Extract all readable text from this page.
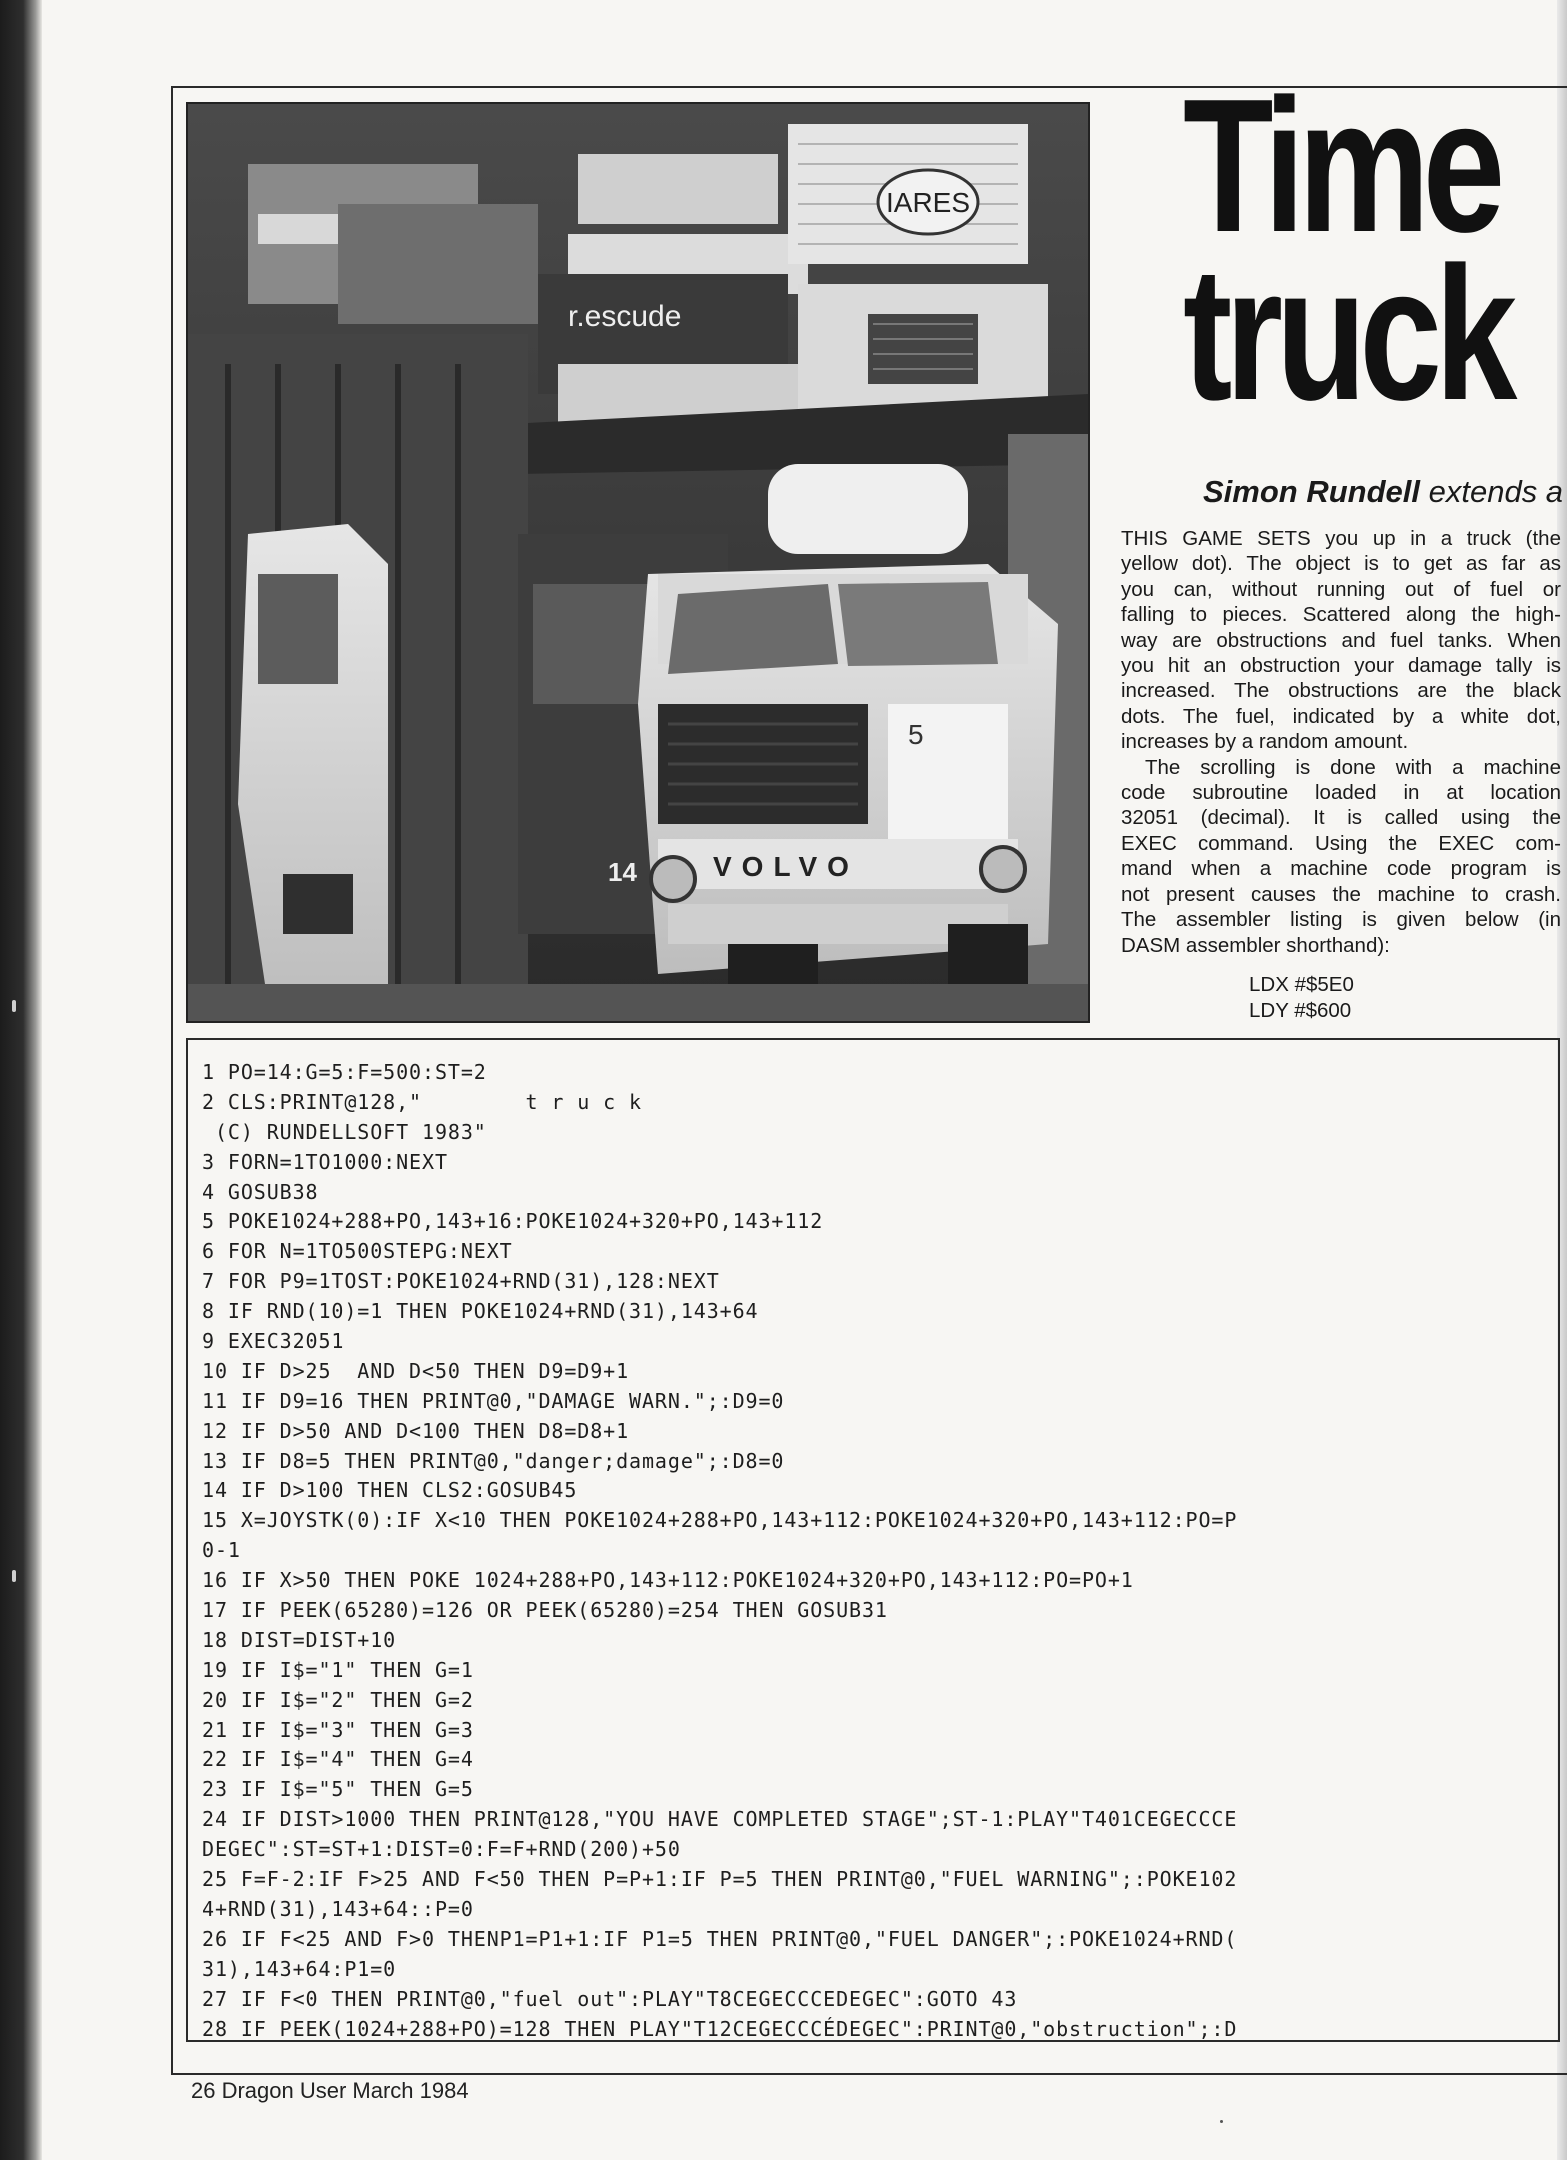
IARES
r.escude
5
VOLVO
14
Time
truck

Simon Rundell extends a

THIS GAME SETS you up in a truck (the
yellow dot). The object is to get as far as
you can, without running out of fuel or
falling to pieces. Scattered along the high-
way are obstructions and fuel tanks. When
you hit an obstruction your damage tally is
increased. The obstructions are the black
dots. The fuel, indicated by a white dot,
increases by a random amount.
The scrolling is done with a machine
code subroutine loaded in at location
32051 (decimal). It is called using the
EXEC command. Using the EXEC com-
mand when a machine code program is
not present causes the machine to crash.
The assembler listing is given below (in
DASM assembler shorthand):
LDX #$5E0
LDY #$600
1 PO=14:G=5:F=500:ST=2
2 CLS:PRINT@128,"        t r u c k
(C) RUNDELLSOFT 1983"
3 FORN=1TO1000:NEXT
4 GOSUB38
5 POKE1024+288+PO,143+16:POKE1024+320+PO,143+112
6 FOR N=1TO500STEPG:NEXT
7 FOR P9=1TOST:POKE1024+RND(31),128:NEXT
8 IF RND(10)=1 THEN POKE1024+RND(31),143+64
9 EXEC32051
10 IF D>25  AND D<50 THEN D9=D9+1
11 IF D9=16 THEN PRINT@0,"DAMAGE WARN.";:D9=0
12 IF D>50 AND D<100 THEN D8=D8+1
13 IF D8=5 THEN PRINT@0,"danger;damage";:D8=0
14 IF D>100 THEN CLS2:GOSUB45
15 X=JOYSTK(0):IF X<10 THEN POKE1024+288+PO,143+112:POKE1024+320+PO,143+112:PO=P
0-1
16 IF X>50 THEN POKE 1024+288+PO,143+112:POKE1024+320+PO,143+112:PO=PO+1
17 IF PEEK(65280)=126 OR PEEK(65280)=254 THEN GOSUB31
18 DIST=DIST+10
19 IF I$="1" THEN G=1
20 IF I$="2" THEN G=2
21 IF I$="3" THEN G=3
22 IF I$="4" THEN G=4
23 IF I$="5" THEN G=5
24 IF DIST>1000 THEN PRINT@128,"YOU HAVE COMPLETED STAGE";ST-1:PLAY"T401CEGECCCE
DEGEC":ST=ST+1:DIST=0:F=F+RND(200)+50
25 F=F-2:IF F>25 AND F<50 THEN P=P+1:IF P=5 THEN PRINT@0,"FUEL WARNING";:POKE102
4+RND(31),143+64::P=0
26 IF F<25 AND F>0 THENP1=P1+1:IF P1=5 THEN PRINT@0,"FUEL DANGER";:POKE1024+RND(
31),143+64:P1=0
27 IF F<0 THEN PRINT@0,"fuel out":PLAY"T8CEGECCCEDEGEC":GOTO 43
28 IF PEEK(1024+288+PO)=128 THEN PLAY"T12CEGECCCÉDEGEC":PRINT@0,"obstruction";:D

26 Dragon User March 1984
